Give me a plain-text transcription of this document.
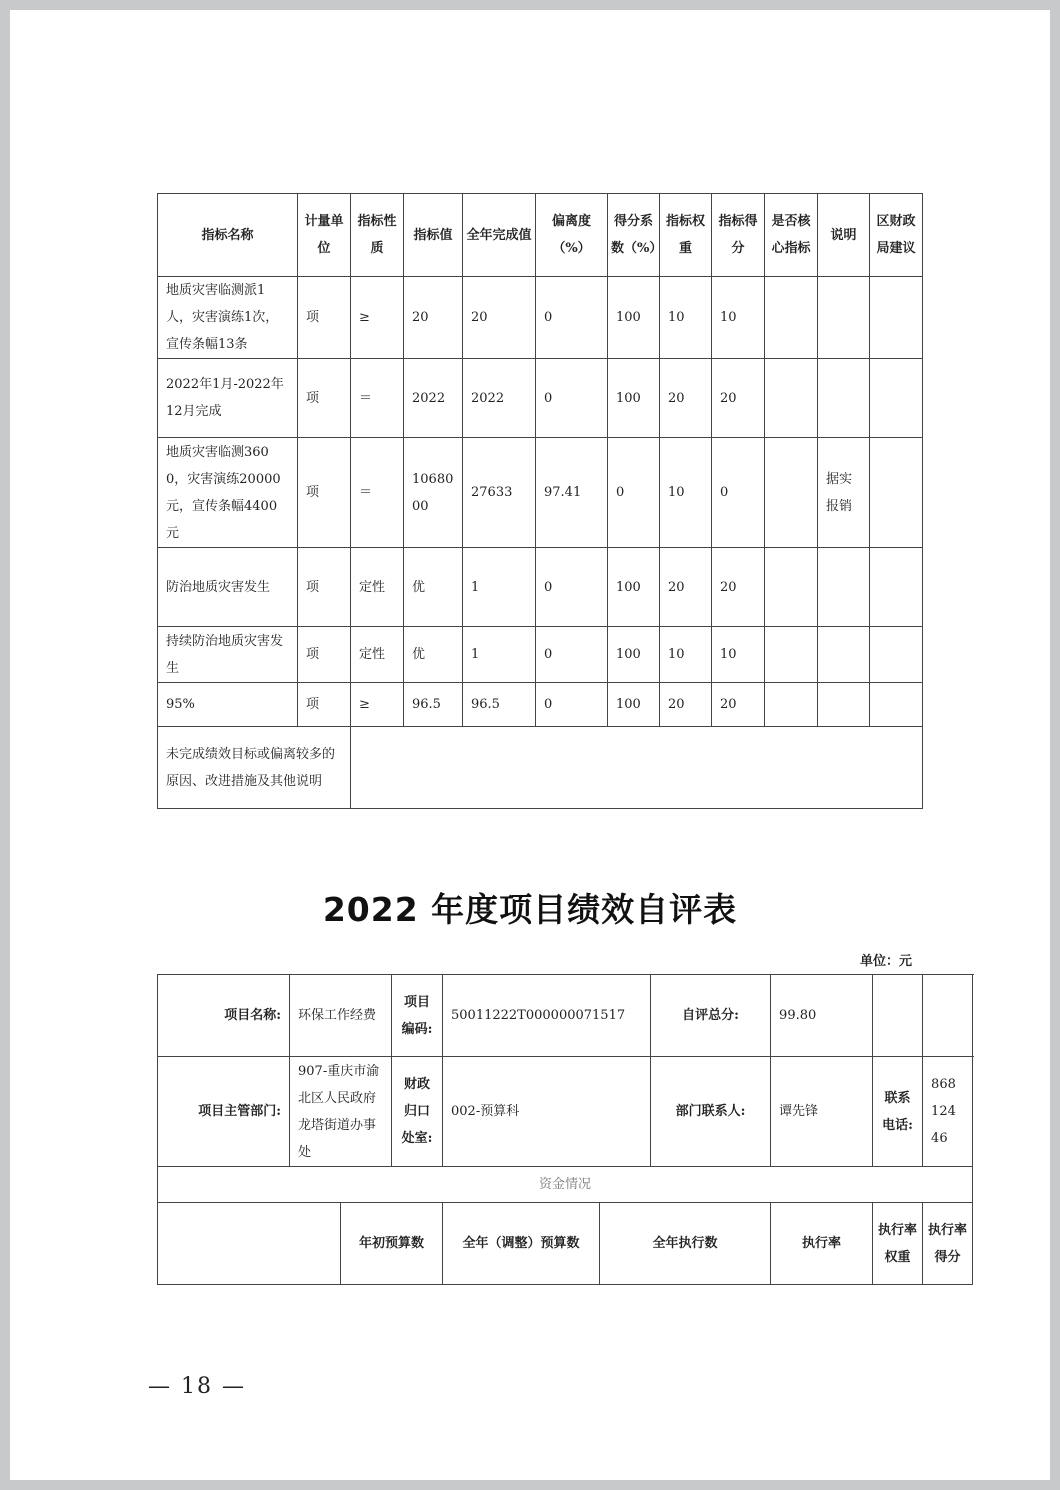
指标名称	计量单位	指标性质	指标值	全年完成值	偏离度（%）	得分系数（%）	指标权重	指标得分	是否核心指标	说明	区财政局建议
地质灾害临测派1人，灾害演练1次，宣传条幅13条	项	≥	20	20	0	100	10	10			
2022年1月-2022年12月完成	项	＝	2022	2022	0	100	20	20			
地质灾害临测3600，灾害演练20000元，宣传条幅4400元	项	＝	1068000	27633	97.41	0	10	0		据实报销	
防治地质灾害发生	项	定性	优	1	0	100	20	20			
持续防治地质灾害发生	项	定性	优	1	0	100	10	10			
95%	项	≥	96.5	96.5	0	100	20	20			
未完成绩效目标或偏离较多的原因、改进措施及其他说明											
2022 年度项目绩效自评表
单位：元
项目名称:	环保工作经费		项目编码:	50011222T000000071517		自评总分:	99.80		
项目主管部门:	907-重庆市渝北区人民政府龙塔街道办事处		财政归口处室:	002-预算科		部门联系人:	谭先锋	联系电话:	86812446
资金情况									
		年初预算数		全年（调整）预算数	全年执行数		执行率	执行率权重	执行率得分
— 18 —
